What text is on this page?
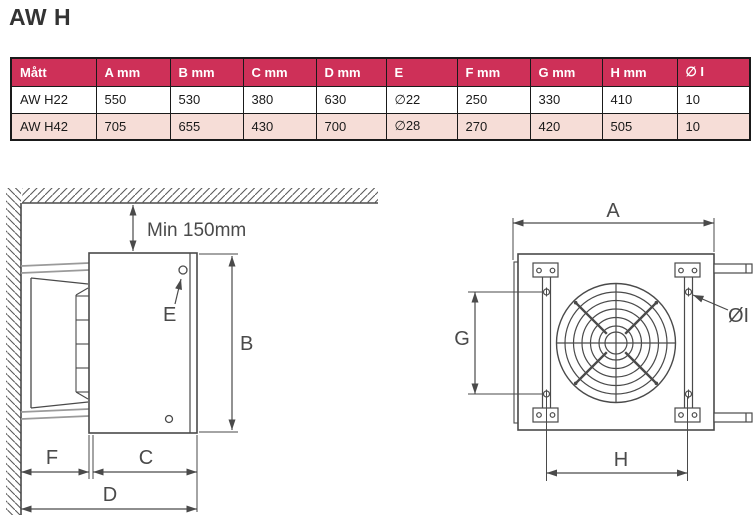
AW H
Mått	A mm	B mm	C mm	D mm	E	F mm	G mm	H mm	∅ I
AW H22	550	530	380	630	∅22	250	330	410	10
AW H42	705	655	430	700	∅28	270	420	505	10
Min 150mm
E
B
F	C
D
A
G
H
ØI
